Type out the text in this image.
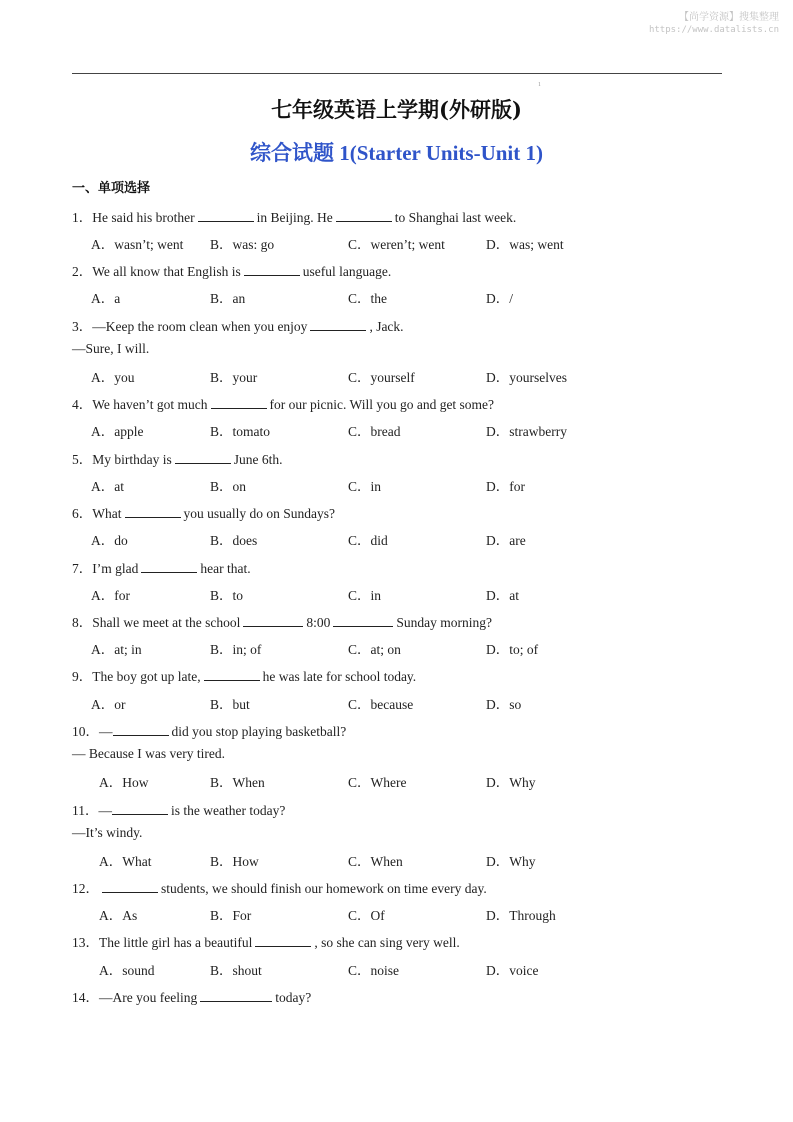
【尚学资源】搜集整理
https://www.datalists.cn
1
七年级英语上学期(外研版)
综合试题 1(Starter Units-Unit 1)
一、单项选择
1．He said his brother	in Beijing. He	to Shanghai last week.
A．wasn’t; went B．was: go	C．weren’t; went	D．was; went
2．We all know that English is	useful language.
A．a	B．an	C．the	D．/
3．—Keep the room clean when you enjoy	, Jack.
—Sure, I will.
A．you	B．your	C．yourself	D．yourselves
4．We haven’t got much	for our picnic. Will you go and get some?
A．apple	B．tomato	C．bread	D．strawberry
5．My birthday is	June 6th.
A．at	B．on	C．in	D．for
6．What	you usually do on Sundays?
A．do	B．does	C．did	D．are
7．I’m glad	hear that.
A．for	B．to	C．in	D．at
8．Shall we meet at the school	8:00	Sunday morning?
A．at; in	B．in; of	C．at; on	D．to; of
9．The boy got up late,	he was late for school today.
A．or	B．but	C．because	D．so
10．—	did you stop playing basketball?
— Because I was very tired.
A．How	B．When	C．Where	D．Why
11．—	is the weather today?
—It’s windy.
A．What	B．How	C．When	D．Why
12．	students, we should finish our homework on time every day.
A．As	B．For	C．Of	D．Through
13．The little girl has a beautiful	, so she can sing very well.
A．sound	B．shout	C．noise	D．voice
14．—Are you feeling	today?
